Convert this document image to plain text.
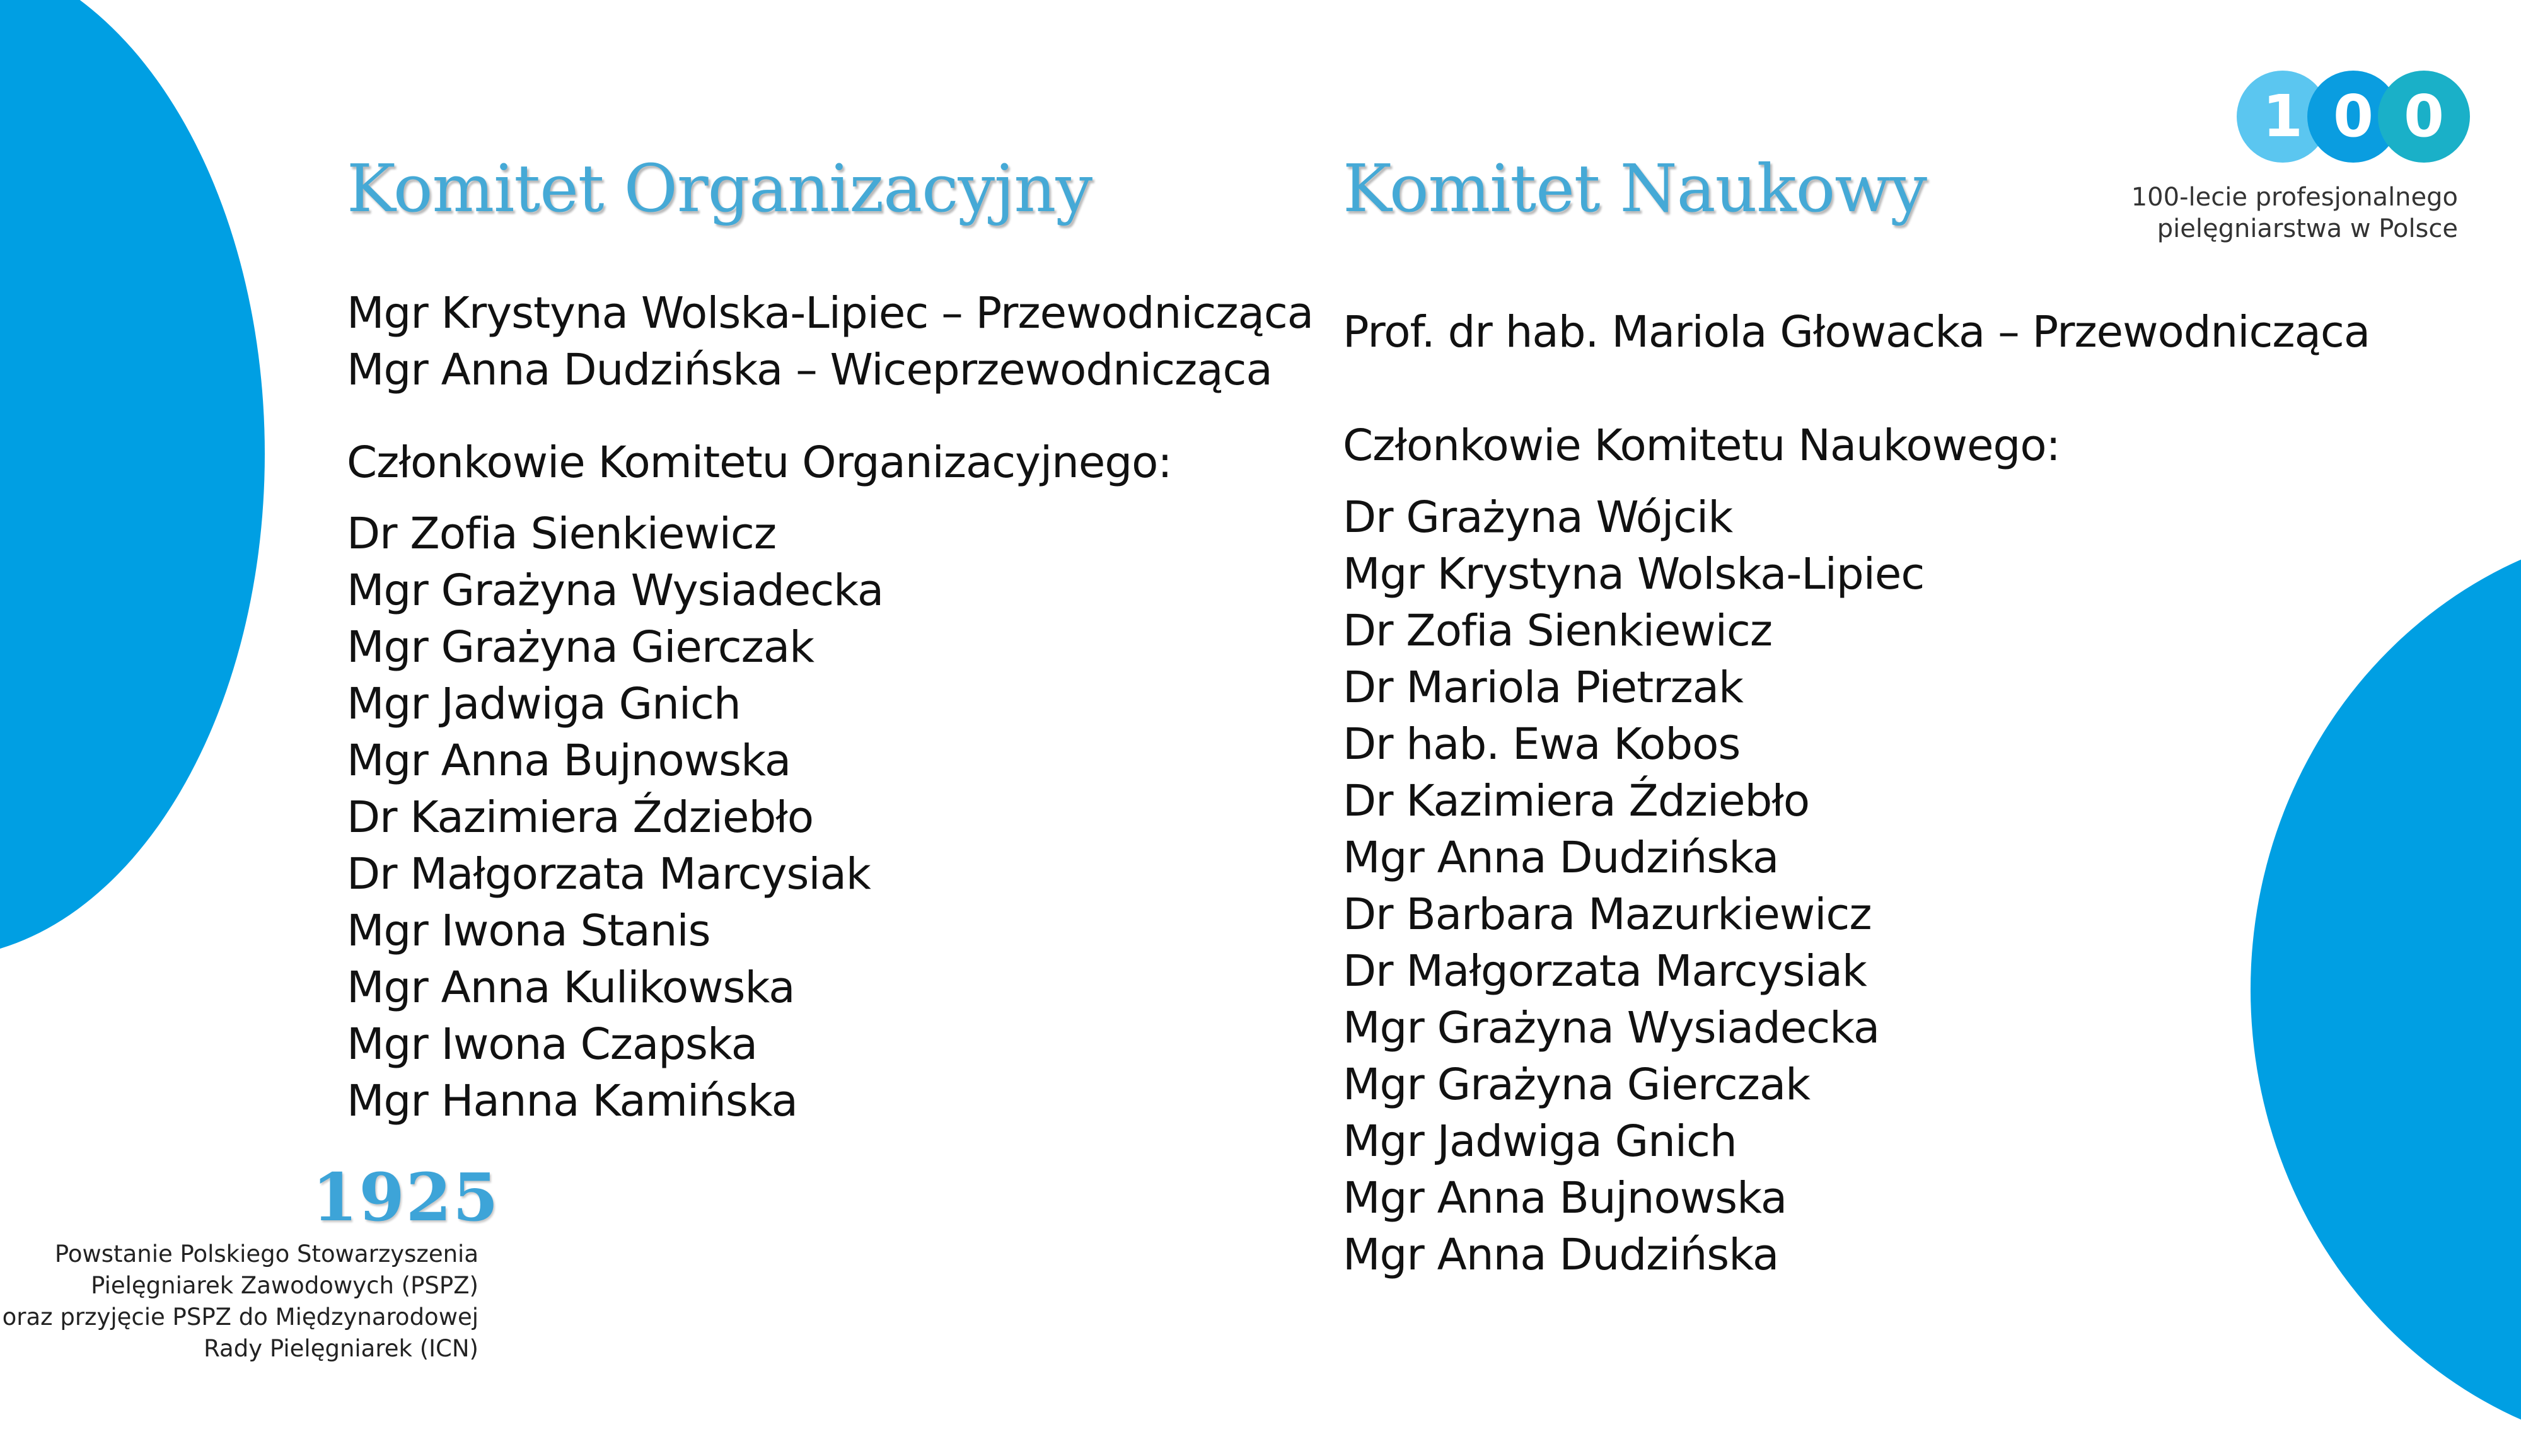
Komitet Organizacyjny	Komitet Naukowy

Mgr Krystyna Wolska-Lipiec – Przewodnicząca

Mgr Anna Dudzińska – Wiceprzewodnicząca

Członkowie Komitetu Organizacyjnego:

Dr Zofia Sienkiewicz

Mgr Grażyna Wysiadecka

Mgr Grażyna Gierczak

Mgr Jadwiga Gnich

Mgr Anna Bujnowska

Dr Kazimiera Ździebło

Dr Małgorzata Marcysiak

Mgr Iwona Stanis

Mgr Anna Kulikowska

Mgr Iwona Czapska

Mgr Hanna Kamińska

Prof. dr hab. Mariola Głowacka – Przewodnicząca

Członkowie Komitetu Naukowego:

Dr Grażyna Wójcik

Mgr Krystyna Wolska-Lipiec

Dr Zofia Sienkiewicz

Dr Mariola Pietrzak

Dr hab. Ewa Kobos

Dr Kazimiera Ździebło

Mgr Anna Dudzińska

Dr Barbara Mazurkiewicz

Dr Małgorzata Marcysiak

Mgr Grażyna Wysiadecka

Mgr Grażyna Gierczak

Mgr Jadwiga Gnich

Mgr Anna Bujnowska

Mgr Anna Dudzińska

1 0 0

100-lecie profesjonalnego

pielęgniarstwa w Polsce

1925

Powstanie Polskiego Stowarzyszenia

Pielęgniarek Zawodowych (PSPZ)

oraz przyjęcie PSPZ do Międzynarodowej

Rady Pielęgniarek (ICN)
